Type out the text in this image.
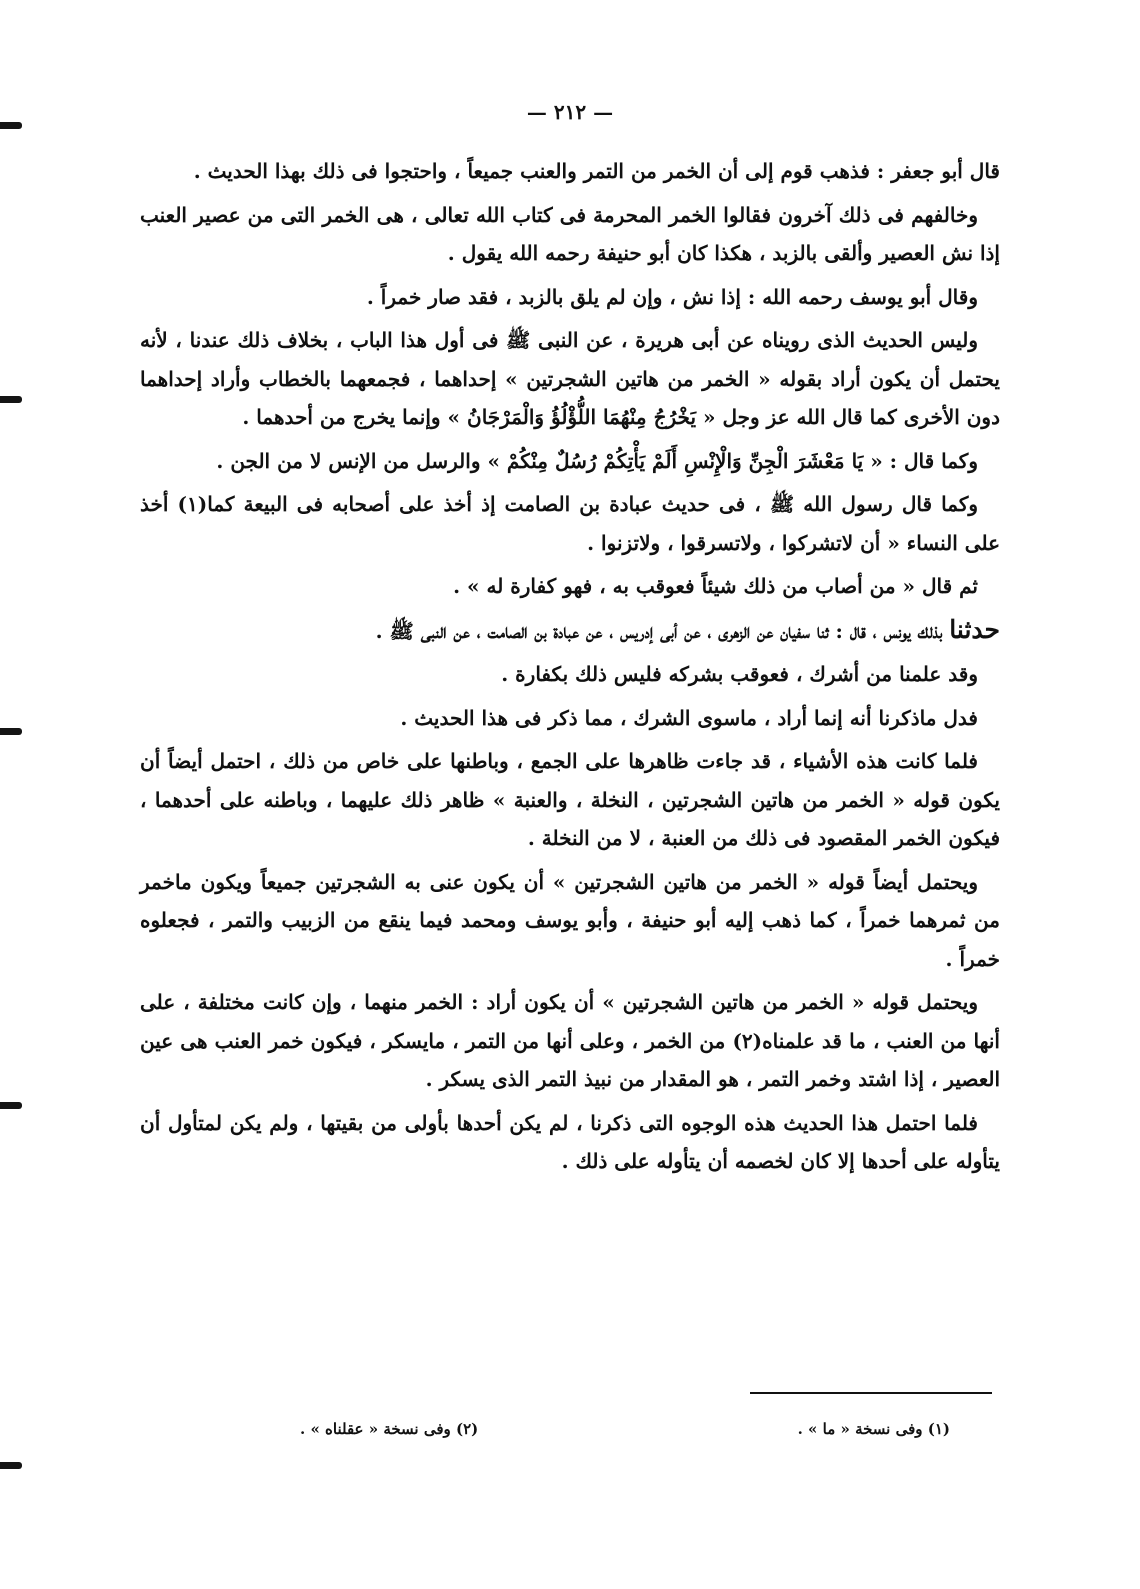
— ٢١٢ —

قال أبو جعفر : فذهب قوم إلى أن الخمر من التمر والعنب جميعاً ، واحتجوا فى ذلك بهذا الحديث .

وخالفهم فى ذلك آخرون فقالوا الخمر المحرمة فى كتاب الله تعالى ، هى الخمر التى من عصير العنب إذا نش العصير وألقى بالزبد ، هكذا كان أبو حنيفة رحمه الله يقول .

وقال أبو يوسف رحمه الله : إذا نش ، وإن لم يلق بالزبد ، فقد صار خمراً .

وليس الحديث الذى رويناه عن أبى هريرة ، عن النبى ﷺ فى أول هذا الباب ، بخلاف ذلك عندنا ، لأنه يحتمل أن يكون أراد بقوله « الخمر من هاتين الشجرتين » إحداهما ، فجمعهما بالخطاب وأراد إحداهما دون الأخرى كما قال الله عز وجل « يَخْرُجُ مِنْهُمَا اللُّؤْلُؤُ وَالْمَرْجَانُ » وإنما يخرج من أحدهما .

وكما قال : « يَا مَعْشَرَ الْجِنِّ وَالْإِنْسِ أَلَمْ يَأْتِكُمْ رُسُلٌ مِنْكُمْ » والرسل من الإنس لا من الجن .

وكما قال رسول الله ﷺ ، فى حديث عبادة بن الصامت إذ أخذ على أصحابه فى البيعة كما(١) أخذ على النساء « أن لاتشركوا ، ولاتسرقوا ، ولاتزنوا .

ثم قال « من أصاب من ذلك شيئاً فعوقب به ، فهو كفارة له » .

حدثنا بذلك يونس ، قال : ثنا سفيان عن الزهرى ، عن أبى إدريس ، عن عبادة بن الصامت ، عن النبى ﷺ .

وقد علمنا من أشرك ، فعوقب بشركه فليس ذلك بكفارة .

فدل ماذكرنا أنه إنما أراد ، ماسوى الشرك ، مما ذكر فى هذا الحديث .

فلما كانت هذه الأشياء ، قد جاءت ظاهرها على الجمع ، وباطنها على خاص من ذلك ، احتمل أيضاً أن يكون قوله « الخمر من هاتين الشجرتين ، النخلة ، والعنبة » ظاهر ذلك عليهما ، وباطنه على أحدهما ، فيكون الخمر المقصود فى ذلك من العنبة ، لا من النخلة .

ويحتمل أيضاً قوله « الخمر من هاتين الشجرتين » أن يكون عنى به الشجرتين جميعاً ويكون ماخمر من ثمرهما خمراً ، كما ذهب إليه أبو حنيفة ، وأبو يوسف ومحمد فيما ينقع من الزبيب والتمر ، فجعلوه خمراً .

ويحتمل قوله « الخمر من هاتين الشجرتين » أن يكون أراد : الخمر منهما ، وإن كانت مختلفة ، على أنها من العنب ، ما قد علمناه(٢) من الخمر ، وعلى أنها من التمر ، مايسكر ، فيكون خمر العنب هى عين العصير ، إذا اشتد وخمر التمر ، هو المقدار من نبيذ التمر الذى يسكر .

فلما احتمل هذا الحديث هذه الوجوه التى ذكرنا ، لم يكن أحدها بأولى من بقيتها ، ولم يكن لمتأول أن يتأوله على أحدها إلا كان لخصمه أن يتأوله على ذلك .

(١) وفى نسخة « ما » .
(٢) وفى نسخة « عقلناه » .
